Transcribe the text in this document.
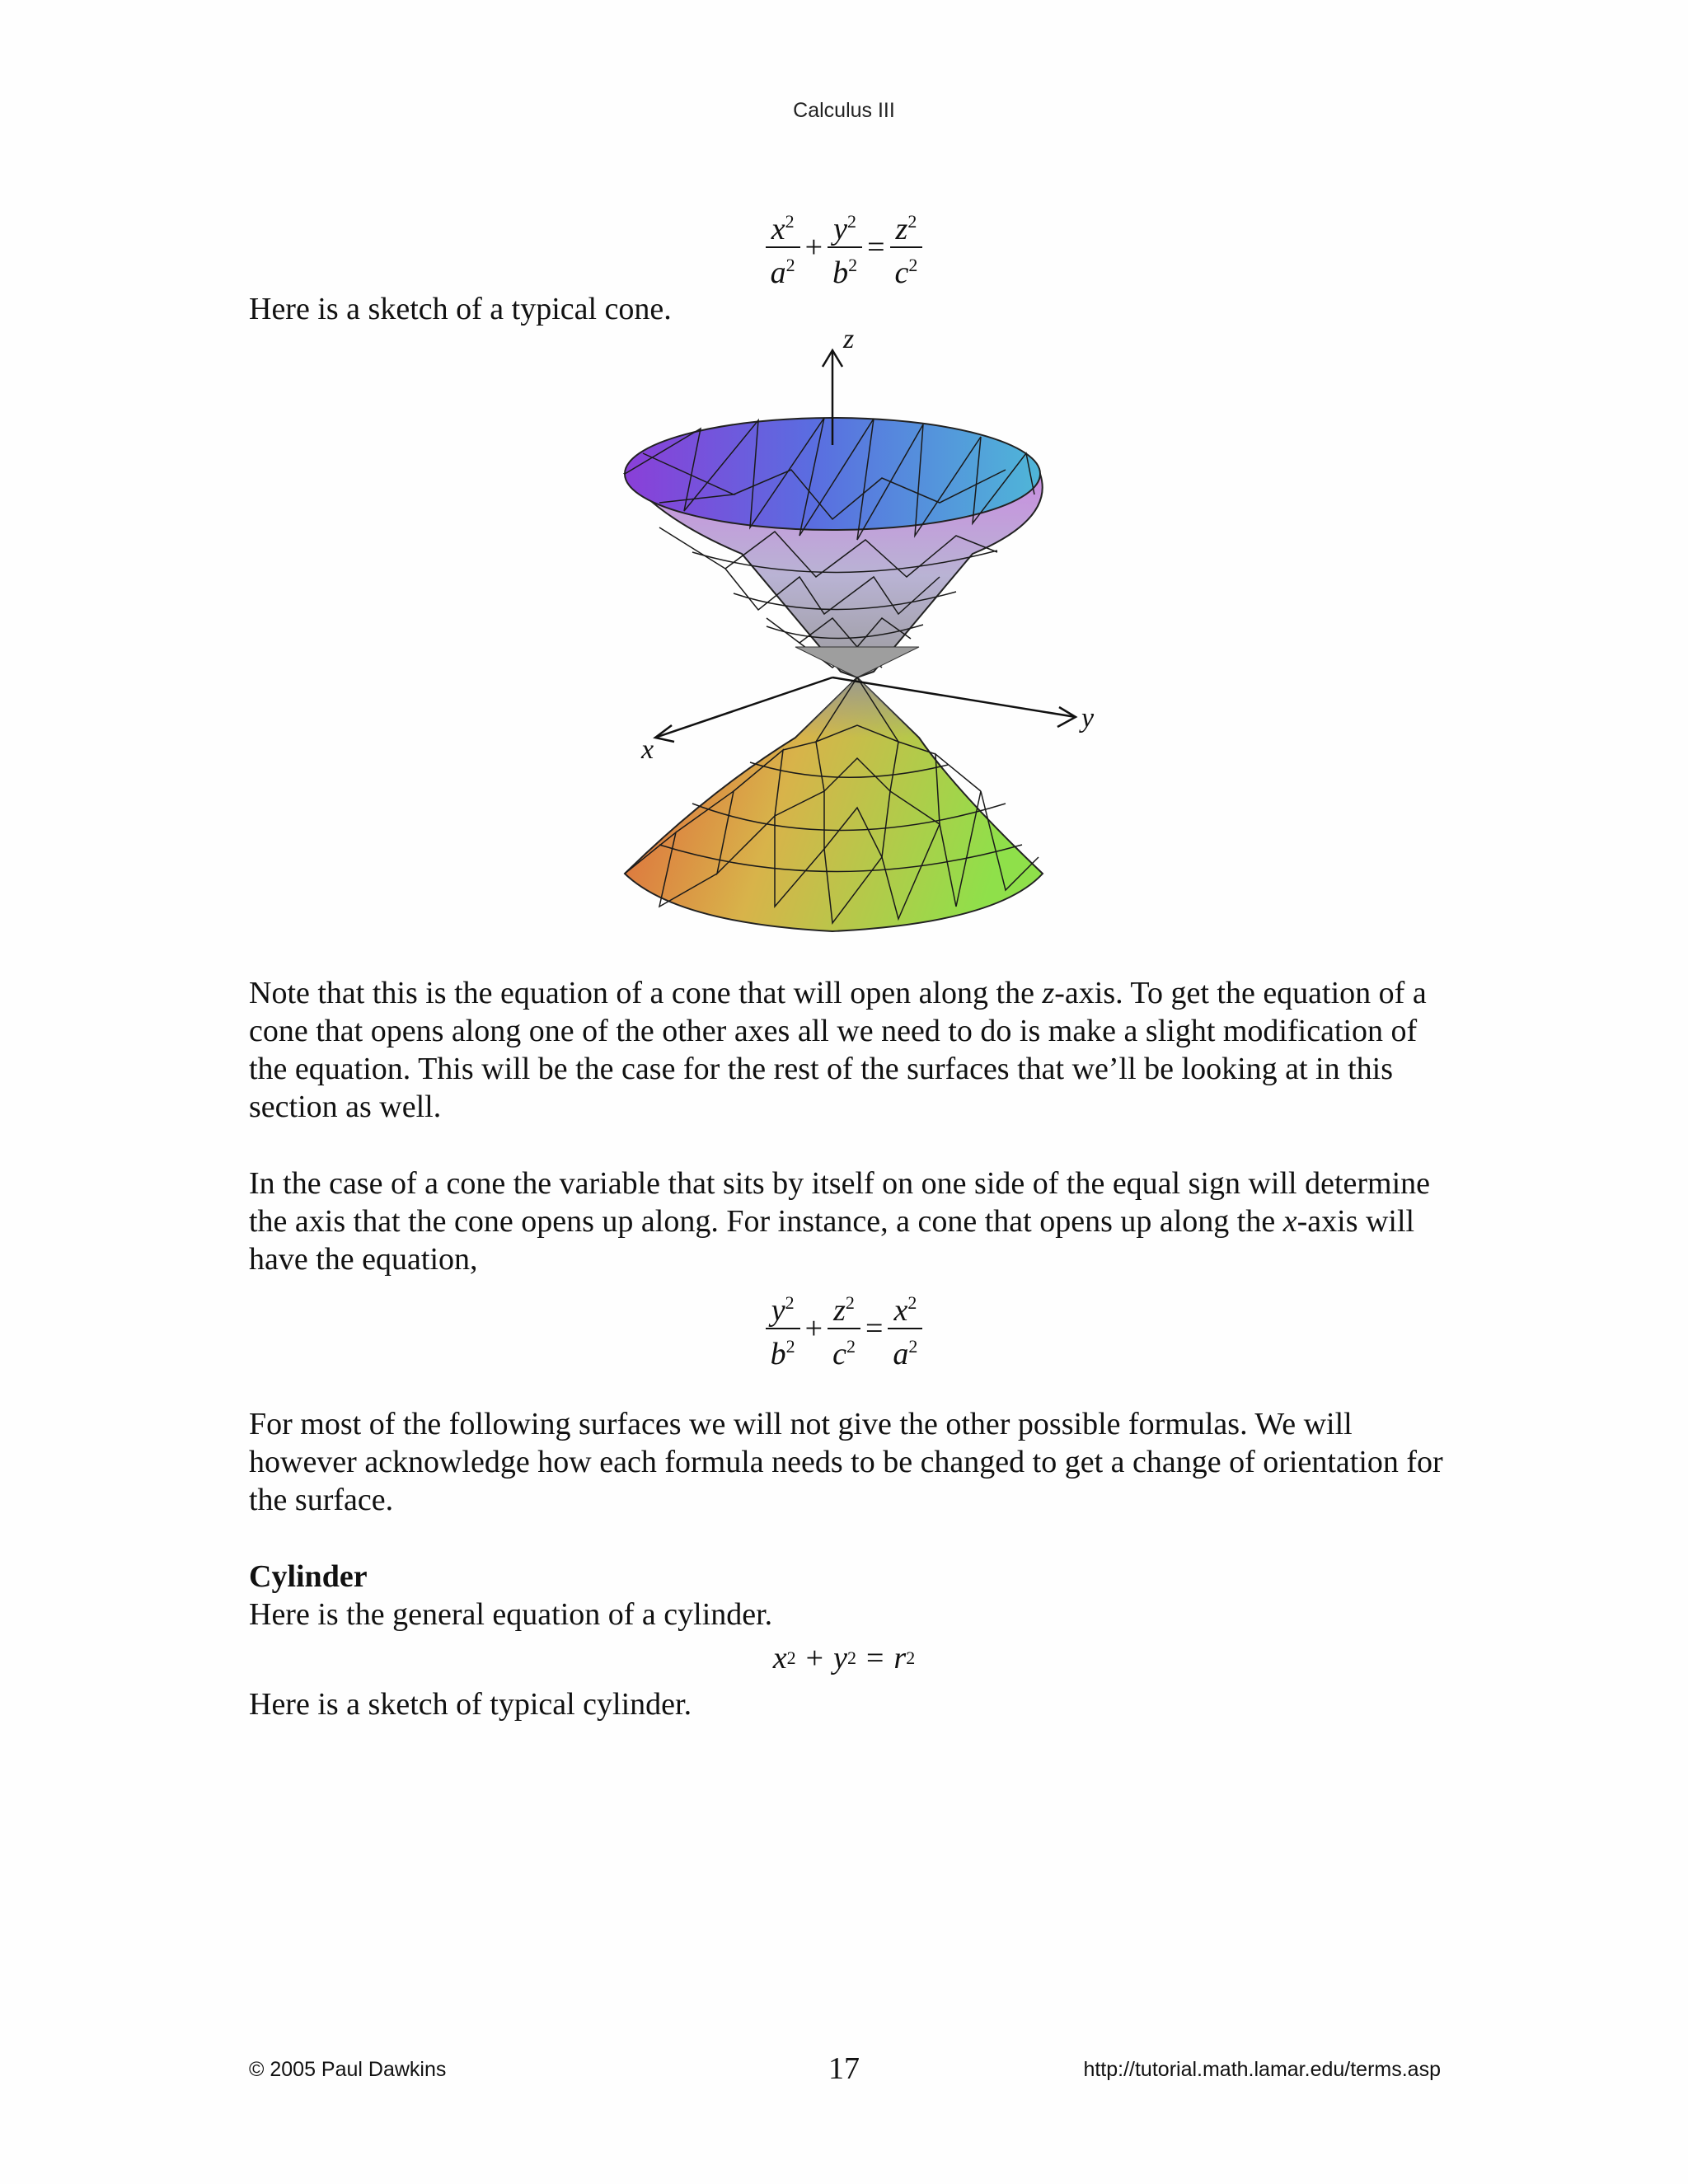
Calculus III
$\frac{x^2}{a^2} + \frac{y^2}{b^2} = \frac{z^2}{c^2}$

Here is a sketch of a typical cone.

z
x
y

Note that this is the equation of a cone that will open along the z-axis. To get the equation of a cone that opens along one of the other axes all we need to do is make a slight modification of the equation. This will be the case for the rest of the surfaces that we’ll be looking at in this section as well.

In the case of a cone the variable that sits by itself on one side of the equal sign will determine the axis that the cone opens up along. For instance, a cone that opens up along the x-axis will have the equation,

$\frac{y^2}{b^2} + \frac{z^2}{c^2} = \frac{x^2}{a^2}$

For most of the following surfaces we will not give the other possible formulas. We will however acknowledge how each formula needs to be changed to get a change of orientation for the surface.

Cylinder

Here is the general equation of a cylinder.

x 2 + y 2 = r 2

Here is a sketch of typical cylinder.

© 2005 Paul Dawkins	17	http://tutorial.math.lamar.edu/terms.asp
